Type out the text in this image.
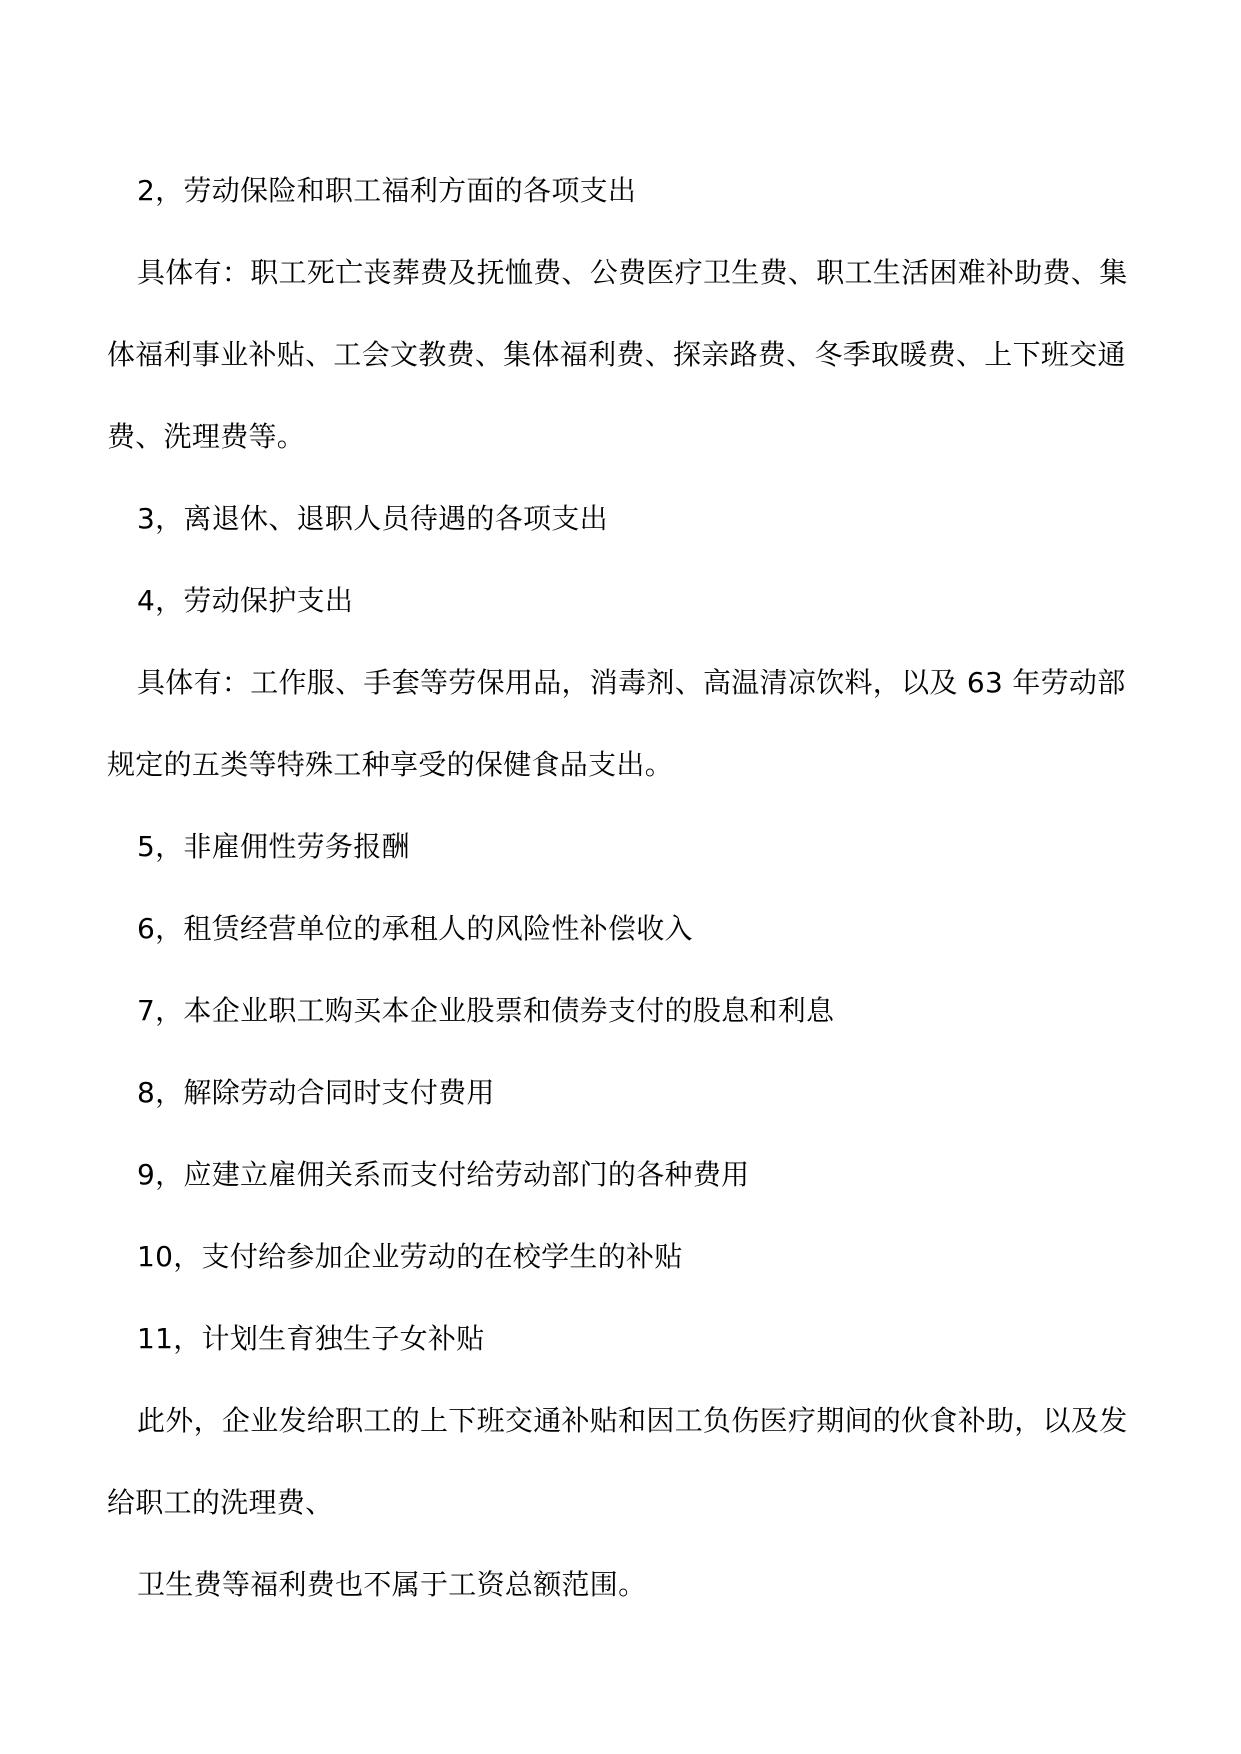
2，劳动保险和职工福利方面的各项支出

具体有：职工死亡丧葬费及抚恤费、公费医疗卫生费、职工生活困难补助费、集体福利事业补贴、工会文教费、集体福利费、探亲路费、冬季取暖费、上下班交通费、洗理费等。

3，离退休、退职人员待遇的各项支出

4，劳动保护支出

具体有：工作服、手套等劳保用品，消毒剂、高温清凉饮料，以及 63 年劳动部规定的五类等特殊工种享受的保健食品支出。

5，非雇佣性劳务报酬

6，租赁经营单位的承租人的风险性补偿收入

7，本企业职工购买本企业股票和债券支付的股息和利息

8，解除劳动合同时支付费用

9，应建立雇佣关系而支付给劳动部门的各种费用

10，支付给参加企业劳动的在校学生的补贴

11，计划生育独生子女补贴

此外，企业发给职工的上下班交通补贴和因工负伤医疗期间的伙食补助，以及发给职工的洗理费、

卫生费等福利费也不属于工资总额范围。
